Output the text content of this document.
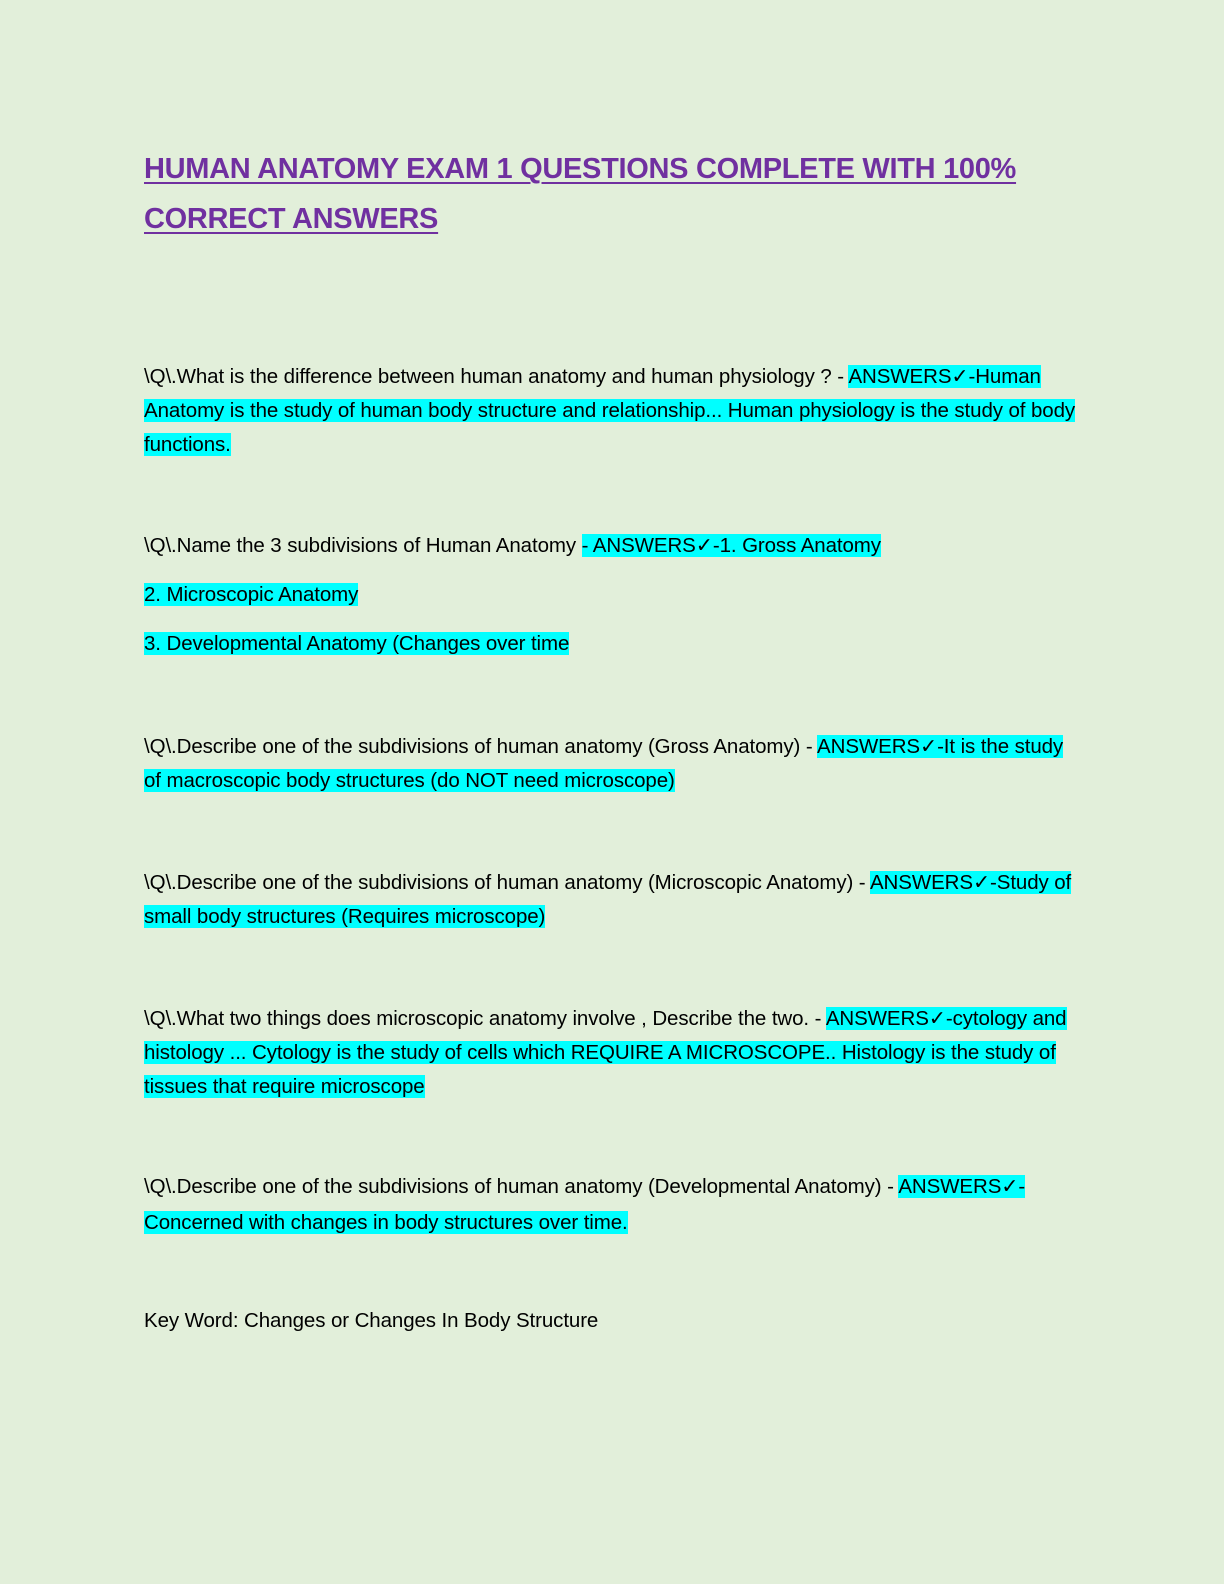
HUMAN ANATOMY EXAM 1 QUESTIONS COMPLETE WITH 100% CORRECT ANSWERS

\Q\.What is the difference between human anatomy and human physiology ? - ANSWERS✓-Human Anatomy is the study of human body structure and relationship... Human physiology is the study of body functions.

\Q\.Name the 3 subdivisions of Human Anatomy - ANSWERS✓-1. Gross Anatomy

2. Microscopic Anatomy

3. Developmental Anatomy (Changes over time

\Q\.Describe one of the subdivisions of human anatomy (Gross Anatomy) - ANSWERS✓-It is the study of macroscopic body structures (do NOT need microscope)

\Q\.Describe one of the subdivisions of human anatomy (Microscopic Anatomy) - ANSWERS✓-Study of small body structures (Requires microscope)

\Q\.What two things does microscopic anatomy involve , Describe the two. - ANSWERS✓-cytology and histology ... Cytology is the study of cells which REQUIRE A MICROSCOPE.. Histology is the study of tissues that require microscope

\Q\.Describe one of the subdivisions of human anatomy (Developmental Anatomy) - ANSWERS✓-Concerned with changes in body structures over time.

Key Word: Changes or Changes In Body Structure
